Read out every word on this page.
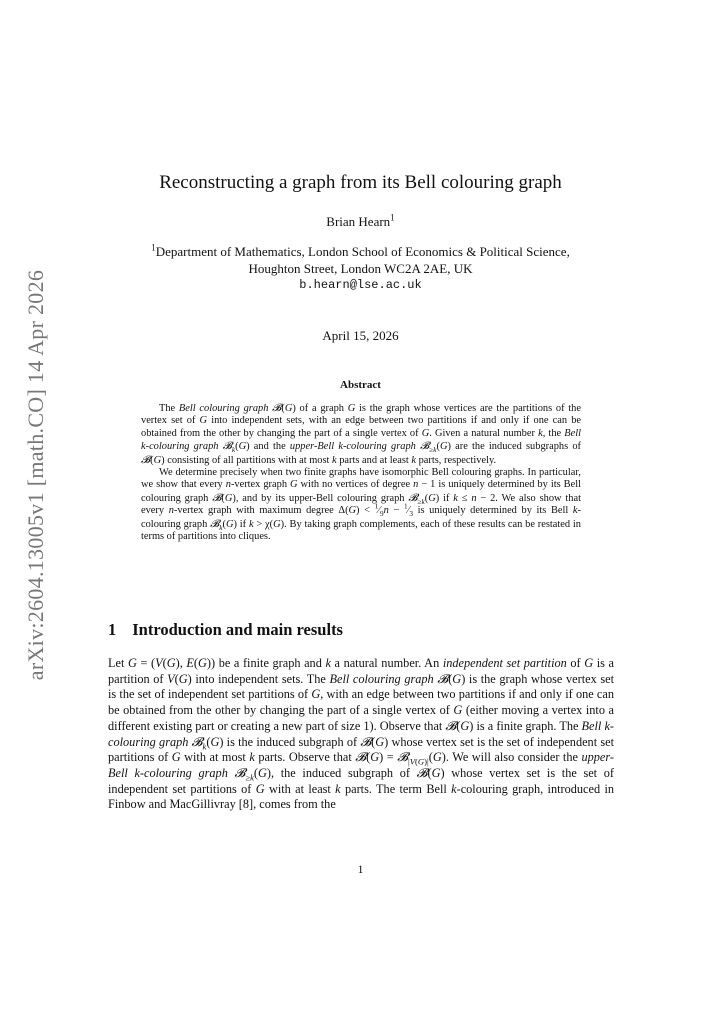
arXiv:2604.13005v1 [math.CO] 14 Apr 2026
Reconstructing a graph from its Bell colouring graph
Brian Hearn$^1$
$^1$Department of Mathematics, London School of Economics & Political Science,
Houghton Street, London WC2A 2AE, UK
b.hearn@lse.ac.uk
April 15, 2026
Abstract

The Bell colouring graph 𝓑(G) of a graph G is the graph whose vertices are the partitions of the vertex set of G into independent sets, with an edge between two partitions if and only if one can be obtained from the other by changing the part of a single vertex of G. Given a natural number k, the Bell k-colouring graph 𝓑$_k$(G) and the upper-Bell k-colouring graph 𝓑$_{\ge k}$(G) are the induced subgraphs of 𝓑(G) consisting of all partitions with at most k parts and at least k parts, respectively.

We determine precisely when two finite graphs have isomorphic Bell colouring graphs. In particular, we show that every n-vertex graph G with no vertices of degree n − 1 is uniquely determined by its Bell colouring graph 𝓑(G), and by its upper-Bell colouring graph 𝓑$_{\ge k}$(G) if k ≤ n − 2. We also show that every n-vertex graph with maximum degree $\Delta(G) < ^1⁄_9n$ − $^1⁄_3$ is uniquely determined by its Bell k-colouring graph 𝓑$_k$(G) if k > χ(G). By taking graph complements, each of these results can be restated in terms of partitions into cliques.

1 Introduction and main results

Let G = (V(G), E(G)) be a finite graph and k a natural number. An independent set partition of G is a partition of V(G) into independent sets. The Bell colouring graph 𝓑(G) is the graph whose vertex set is the set of independent set partitions of G, with an edge between two partitions if and only if one can be obtained from the other by changing the part of a single vertex of G (either moving a vertex into a different existing part or creating a new part of size 1). Observe that 𝓑(G) is a finite graph. The Bell k-colouring graph 𝓑$_k$(G) is the induced subgraph of 𝓑(G) whose vertex set is the set of independent set partitions of G with at most k parts. Observe that 𝓑(G) = 𝓑$_{|V(G)|}$(G). We will also consider the upper-Bell k-colouring graph 𝓑$_{\ge k}$(G), the induced subgraph of 𝓑(G) whose vertex set is the set of independent set partitions of G with at least k parts. The term Bell k-colouring graph, introduced in Finbow and MacGillivray [8], comes from the

1
